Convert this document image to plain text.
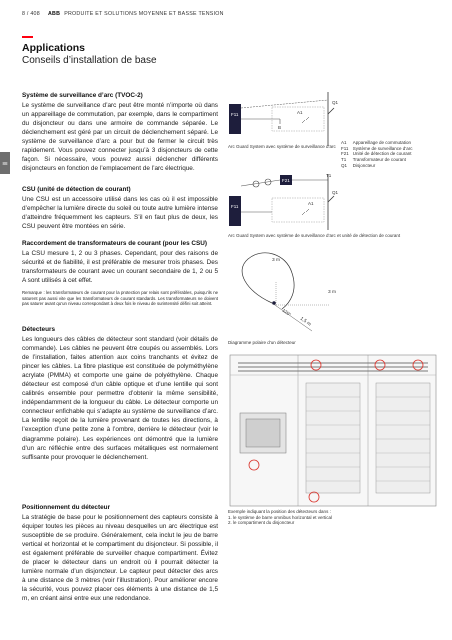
8 / 408 ABB PRODUITE ET SOLUTIONS MOYENNE ET BASSE TENSION
Applications
Conseils d’installation de base
88
Système de surveillance d’arc (TVOC-2)
Le système de surveillance d’arc peut être monté n’importe où dans un appareillage de commutation, par exemple, dans le compartiment du disjoncteur ou dans une armoire de commande séparée. Le déclenchement est géré par un circuit de déclenchement séparé. Le système de surveillance d’arc a pour but de fermer le circuit très rapidement. Vous pouvez connecter jusqu’à 3 disjoncteurs de cette façon. Si nécessaire, vous pouvez aussi déclencher différents disjoncteurs en fonction de l’emplacement de l’arc électrique.
CSU (unité de détection de courant)
Une CSU est un accessoire utilisé dans les cas où il est impossible d’empêcher la lumière directe du soleil ou toute autre lumière intense d’atteindre fréquemment les capteurs. S’il en faut plus de deux, les CSU peuvent être montées en série.
Raccordement de transformateurs de courant (pour les CSU)
La CSU mesure 1, 2 ou 3 phases. Cependant, pour des raisons de sécurité et de fiabilité, il est préférable de mesurer trois phases. Des transformateurs de courant avec un courant secondaire de 1, 2 ou 5 A sont utilisés à cet effet.
Remarque : les transformateurs de courant pour la protection par relais sont préférables, puisqu’ils ne saturent pas aussi vite que les transformateurs de courant standards. Les transformateurs ne doivent pas saturer avant qu’un niveau correspondant à deux fois le niveau de surintensité défini soit atteint.
Détecteurs
Les longueurs des câbles de détecteur sont standard (voir détails de commande). Les câbles ne peuvent être coupés ou assemblés. Lors de l’installation, faites attention aux coins tranchants et évitez de pincer les câbles. La fibre plastique est constituée de polyméthylène acrylate (PMMA) et comporte une gaine de polyéthylène. Chaque détecteur est composé d’un câble optique et d’une lentille qui sont calibrés ensemble pour permettre d’obtenir la même sensibilité, indépendamment de la longueur du câble. Le détecteur comporte un connecteur enfichable qui s’adapte au système de surveillance d’arc. La lentille reçoit de la lumière provenant de toutes les directions, à l’exception d’une petite zone à l’ombre, derrière le détecteur (voir le diagramme polaire). Les expériences ont démontré que la lumière d’un arc réfléchie entre des surfaces métalliques est normalement suffisante pour provoquer le déclenchement.
Positionnement du détecteur
La stratégie de base pour le positionnement des capteurs consiste à équiper toutes les pièces au niveau desquelles un arc électrique est susceptible de se produire. Généralement, cela inclut le jeu de barre vertical et horizontal et le compartiment du disjoncteur. Si possible, il est également préférable de surveiller chaque compartiment. Évitez de placer le détecteur dans un endroit où il pourrait détecter la lumière normale d’un disjoncteur. Le capteur peut détecter des arcs à une distance de 3 mètres (voir l’illustration). Pour améliorer encore la sécurité, vous pouvez placer ces éléments à une distance de 1,5 m, en créant ainsi entre eux une redondance.
F11
B
A1
Q1
Arc Guard System avec système de surveillance d’arc
A1	Appareillage de commutation
F11	Système de surveillance d’arc
F21	Unité de détection de courant
T1	Transformateur de courant
Q1	Disjoncteur
F21
F11
T1
A1
Q1
Arc Guard System avec système de surveillance d’arc et unité de détection de courant
3 m
3 m
1,5 m
120°
Diagramme polaire d’un détecteur
Exemple indiquant la position des détecteurs dans :
1. le système de barre omnibus horizontal et vertical
2. le compartiment du disjoncteur
